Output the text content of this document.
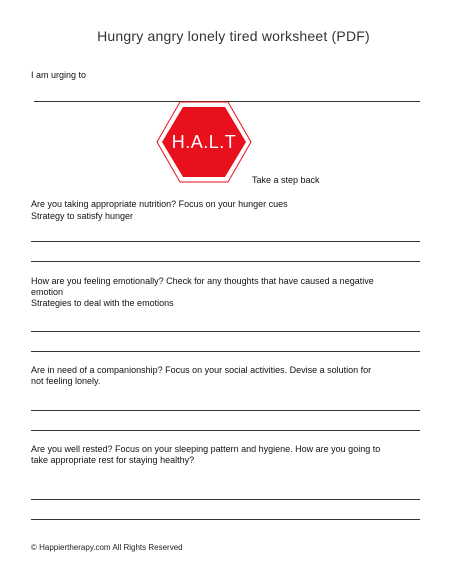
Hungry angry lonely tired worksheet (PDF)
I am urging to
H.A.L.T
Take a step back
Are you taking appropriate nutrition? Focus on your hunger cues
Strategy to satisfy hunger
How are you feeling emotionally? Check for any thoughts that have caused a negative
emotion
Strategies to deal with the emotions
Are in need of a companionship? Focus on your social activities. Devise a solution for
not feeling lonely.
Are you well rested? Focus on your sleeping pattern and hygiene. How are you going to
take appropriate rest for staying healthy?
© Happiertherapy.com All Rights Reserved
